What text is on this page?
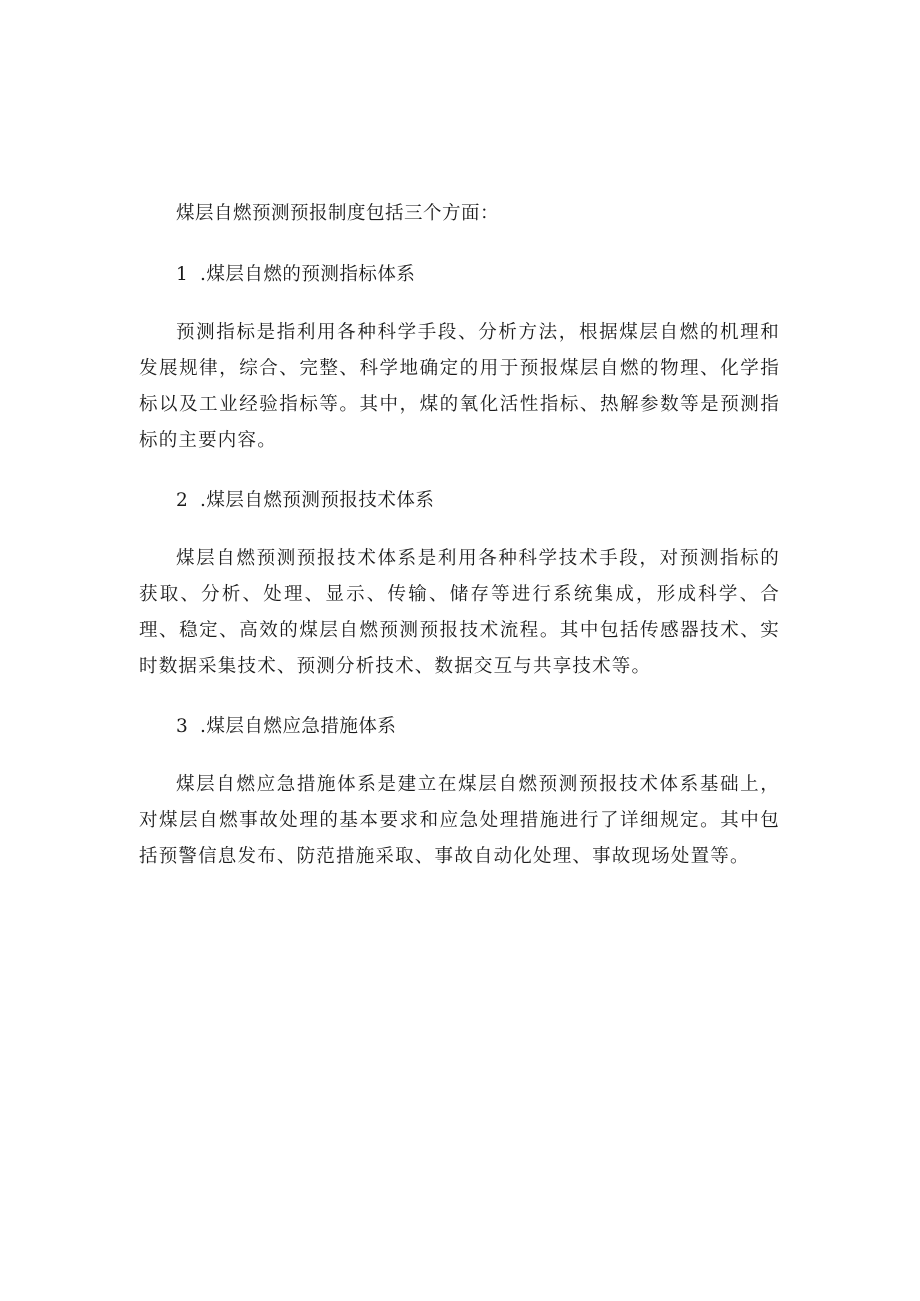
煤层自燃预测预报制度包括三个方面：

1 .煤层自燃的预测指标体系

预测指标是指利用各种科学手段、分析方法，根据煤层自燃的机理和发展规律，综合、完整、科学地确定的用于预报煤层自燃的物理、化学指标以及工业经验指标等。其中，煤的氧化活性指标、热解参数等是预测指标的主要内容。

2 .煤层自燃预测预报技术体系

煤层自燃预测预报技术体系是利用各种科学技术手段，对预测指标的获取、分析、处理、显示、传输、储存等进行系统集成，形成科学、合理、稳定、高效的煤层自燃预测预报技术流程。其中包括传感器技术、实时数据采集技术、预测分析技术、数据交互与共享技术等。

3 .煤层自燃应急措施体系

煤层自燃应急措施体系是建立在煤层自燃预测预报技术体系基础上，对煤层自燃事故处理的基本要求和应急处理措施进行了详细规定。其中包括预警信息发布、防范措施采取、事故自动化处理、事故现场处置等。
